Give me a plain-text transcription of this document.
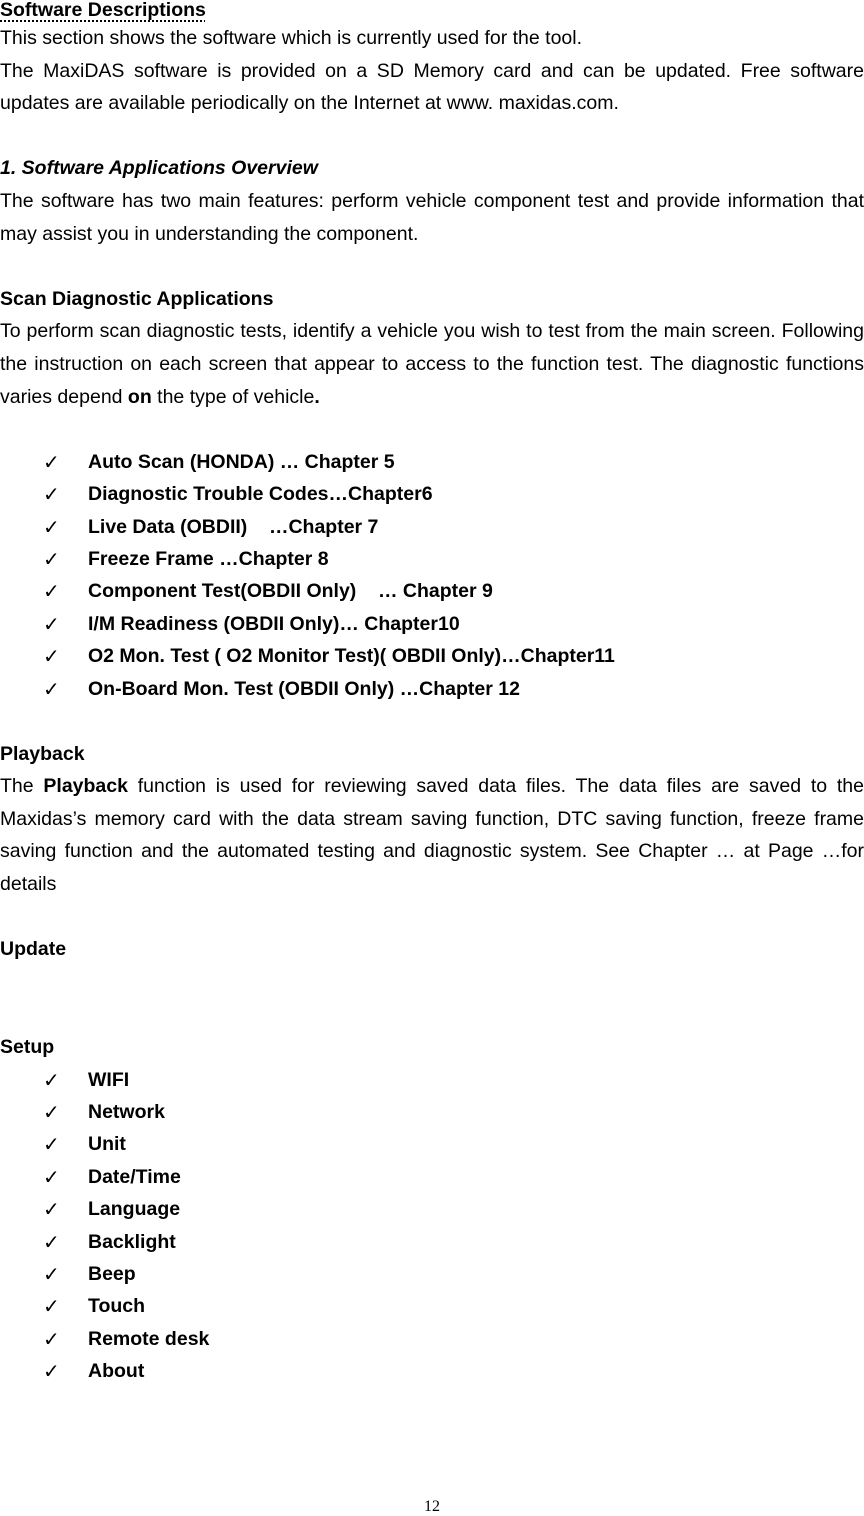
Software Descriptions

This section shows the software which is currently used for the tool.

The MaxiDAS software is provided on a SD Memory card and can be updated. Free software updates are available periodically on the Internet at www. maxidas.com.

1. Software Applications Overview

The software has two main features: perform vehicle component test and provide information that may assist you in understanding the component.

Scan Diagnostic Applications

To perform scan diagnostic tests, identify a vehicle you wish to test from the main screen. Following the instruction on each screen that appear to access to the function test. The diagnostic functions varies depend on the type of vehicle.

✓ Auto Scan (HONDA) … Chapter 5
✓ Diagnostic Trouble Codes…Chapter6
✓ Live Data (OBDII)    …Chapter 7
✓ Freeze Frame …Chapter 8
✓ Component Test(OBDII Only)    … Chapter 9
✓ I/M Readiness (OBDII Only)… Chapter10
✓ O2 Mon. Test ( O2 Monitor Test)( OBDII Only)…Chapter11
✓ On-Board Mon. Test (OBDII Only) …Chapter 12

Playback

The Playback function is used for reviewing saved data files. The data files are saved to the Maxidas’s memory card with the data stream saving function, DTC saving function, freeze frame saving function and the automated testing and diagnostic system. See Chapter … at Page …for details

Update

Setup

✓ WIFI
✓ Network
✓ Unit
✓ Date/Time
✓ Language
✓ Backlight
✓ Beep
✓ Touch
✓ Remote desk
✓ About
12
